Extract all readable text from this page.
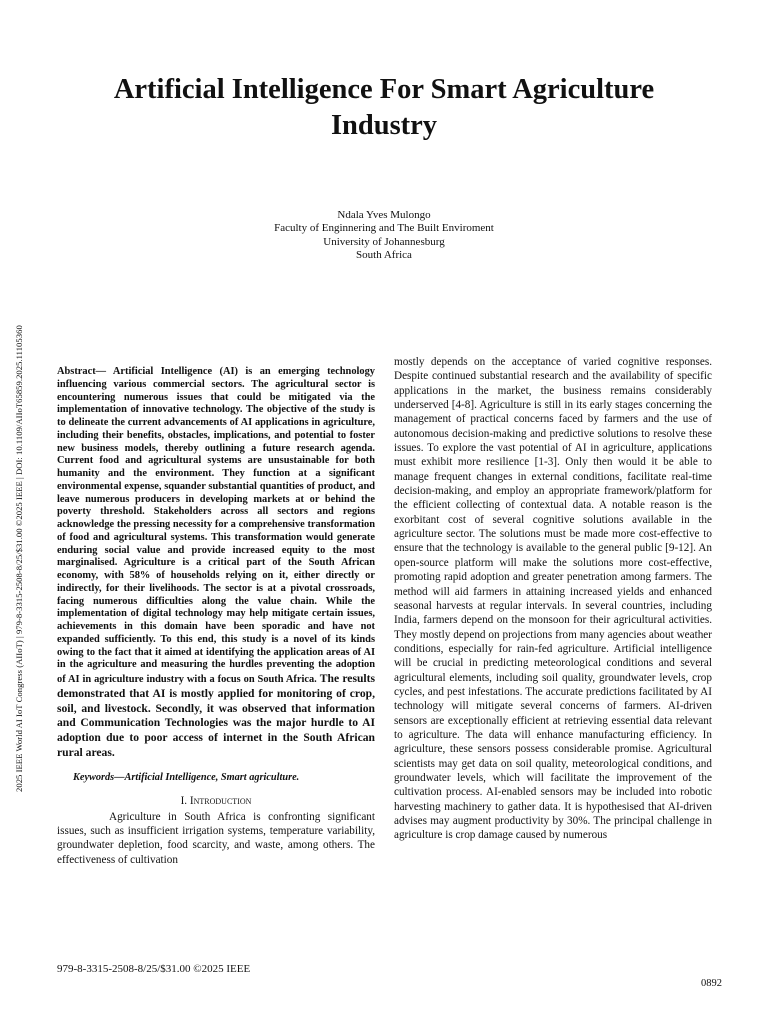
2025 IEEE World AI IoT Congress (AIIoT) | 979-8-3315-2508-8/25/$31.00 ©2025 IEEE | DOI: 10.1109/AIIoT65859.2025.11105360
Artificial Intelligence For Smart Agriculture Industry
Ndala Yves Mulongo
Faculty of Enginnering and The Built Enviroment
University of Johannesburg
South Africa

Abstract— Artificial Intelligence (AI) is an emerging technology influencing various commercial sectors. The agricultural sector is encountering numerous issues that could be mitigated via the implementation of innovative technology. The objective of the study is to delineate the current advancements of AI applications in agriculture, including their benefits, obstacles, implications, and potential to foster new business models, thereby outlining a future research agenda. Current food and agricultural systems are unsustainable for both humanity and the environment. They function at a significant environmental expense, squander substantial quantities of product, and leave numerous producers in developing markets at or behind the poverty threshold. Stakeholders across all sectors and regions acknowledge the pressing necessity for a comprehensive transformation of food and agricultural systems. This transformation would generate enduring social value and provide increased equity to the most marginalised. Agriculture is a critical part of the South African economy, with 58% of households relying on it, either directly or indirectly, for their livelihoods. The sector is at a pivotal crossroads, facing numerous difficulties along the value chain. While the implementation of digital technology may help mitigate certain issues, achievements in this domain have been sporadic and have not expanded sufficiently. To this end, this study is a novel of its kinds owing to the fact that it aimed at identifying the application areas of AI in the agriculture and measuring the hurdles preventing the adoption of AI in agriculture industry with a focus on South Africa. The results demonstrated that AI is mostly applied for monitoring of crop, soil, and livestock. Secondly, it was observed that information and Communication Technologies was the major hurdle to AI adoption due to poor access of internet in the South African rural areas.

Keywords—Artificial Intelligence, Smart agriculture.

I. Introduction

Agriculture in South Africa is confronting significant issues, such as insufficient irrigation systems, temperature variability, groundwater depletion, food scarcity, and waste, among others. The effectiveness of cultivation

mostly depends on the acceptance of varied cognitive responses. Despite continued substantial research and the availability of specific applications in the market, the business remains considerably underserved [4-8]. Agriculture is still in its early stages concerning the management of practical concerns faced by farmers and the use of autonomous decision-making and predictive solutions to resolve these issues. To explore the vast potential of AI in agriculture, applications must exhibit more resilience [1-3]. Only then would it be able to manage frequent changes in external conditions, facilitate real-time decision-making, and employ an appropriate framework/platform for the efficient collecting of contextual data. A notable reason is the exorbitant cost of several cognitive solutions available in the agriculture sector. The solutions must be made more cost-effective to ensure that the technology is available to the general public [9-12]. An open-source platform will make the solutions more cost-effective, promoting rapid adoption and greater penetration among farmers. The method will aid farmers in attaining increased yields and enhanced seasonal harvests at regular intervals. In several countries, including India, farmers depend on the monsoon for their agricultural activities. They mostly depend on projections from many agencies about weather conditions, especially for rain-fed agriculture. Artificial intelligence will be crucial in predicting meteorological conditions and several agricultural elements, including soil quality, groundwater levels, crop cycles, and pest infestations. The accurate predictions facilitated by AI technology will mitigate several concerns of farmers. AI-driven sensors are exceptionally efficient at retrieving essential data relevant to agriculture. The data will enhance manufacturing efficiency. In agriculture, these sensors possess considerable promise. Agricultural scientists may get data on soil quality, meteorological conditions, and groundwater levels, which will facilitate the improvement of the cultivation process. AI-enabled sensors may be included into robotic harvesting machinery to gather data. It is hypothesised that AI-driven advises may augment productivity by 30%. The principal challenge in agriculture is crop damage caused by numerous

979-8-3315-2508-8/25/$31.00 ©2025 IEEE
0892
